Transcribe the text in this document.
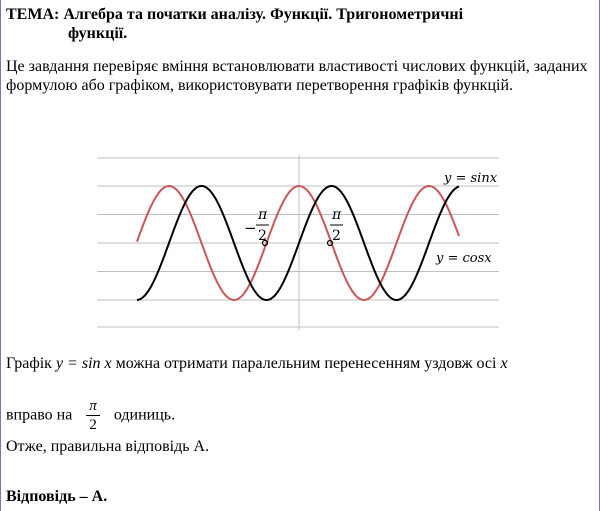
ТЕМА: Алгебра та початки аналізу. Функції. Тригонометричні
функції.
Це завдання перевіряє вміння встановлювати властивості числових функцій, заданих формулою або графіком, використовувати перетворення графіків функцій.
−
π
2
π
2
y = sinx
y = cosx
Графік y = sin x можна отримати паралельним перенесенням уздовж осі x
вправо на $\frac{\pi}{2}$ одиниць.
Отже, правильна відповідь А.
Відповідь – А.
